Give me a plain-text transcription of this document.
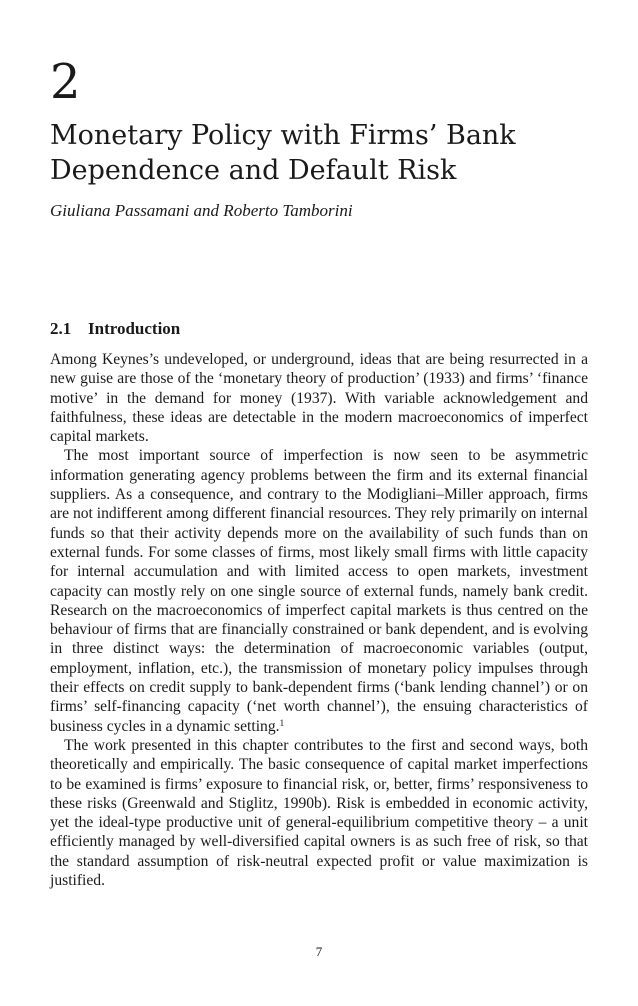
2
Monetary Policy with Firms’ Bank Dependence and Default Risk
Giuliana Passamani and Roberto Tamborini
2.1 Introduction

Among Keynes’s undeveloped, or underground, ideas that are being resurrected in a new guise are those of the ‘monetary theory of production’ (1933) and firms’ ‘finance motive’ in the demand for money (1937). With variable acknowledgement and faithfulness, these ideas are detectable in the modern macroeconomics of imperfect capital markets.

The most important source of imperfection is now seen to be asymmetric information generating agency problems between the firm and its external financial suppliers. As a consequence, and contrary to the Modigliani–Miller approach, firms are not indifferent among different financial resources. They rely primarily on internal funds so that their activity depends more on the availability of such funds than on external funds. For some classes of firms, most likely small firms with little capacity for internal accumulation and with limited access to open markets, investment capacity can mostly rely on one single source of external funds, namely bank credit. Research on the macroeconomics of imperfect capital markets is thus centred on the behaviour of firms that are financially constrained or bank dependent, and is evolving in three distinct ways: the determination of macroeconomic variables (output, employment, inflation, etc.), the transmission of monetary policy impulses through their effects on credit supply to bank-dependent firms (‘bank lending channel’) or on firms’ self-financing capacity (‘net worth channel’), the ensuing characteristics of business cycles in a dynamic setting.$^1$

The work presented in this chapter contributes to the first and second ways, both theoretically and empirically. The basic consequence of capital market imperfections to be examined is firms’ exposure to financial risk, or, better, firms’ responsiveness to these risks (Greenwald and Stiglitz, 1990b). Risk is embedded in economic activity, yet the ideal-type productive unit of general-equilibrium competitive theory – a unit efficiently managed by well-diversified capital owners is as such free of risk, so that the standard assumption of risk-neutral expected profit or value maximization is justified.

7
